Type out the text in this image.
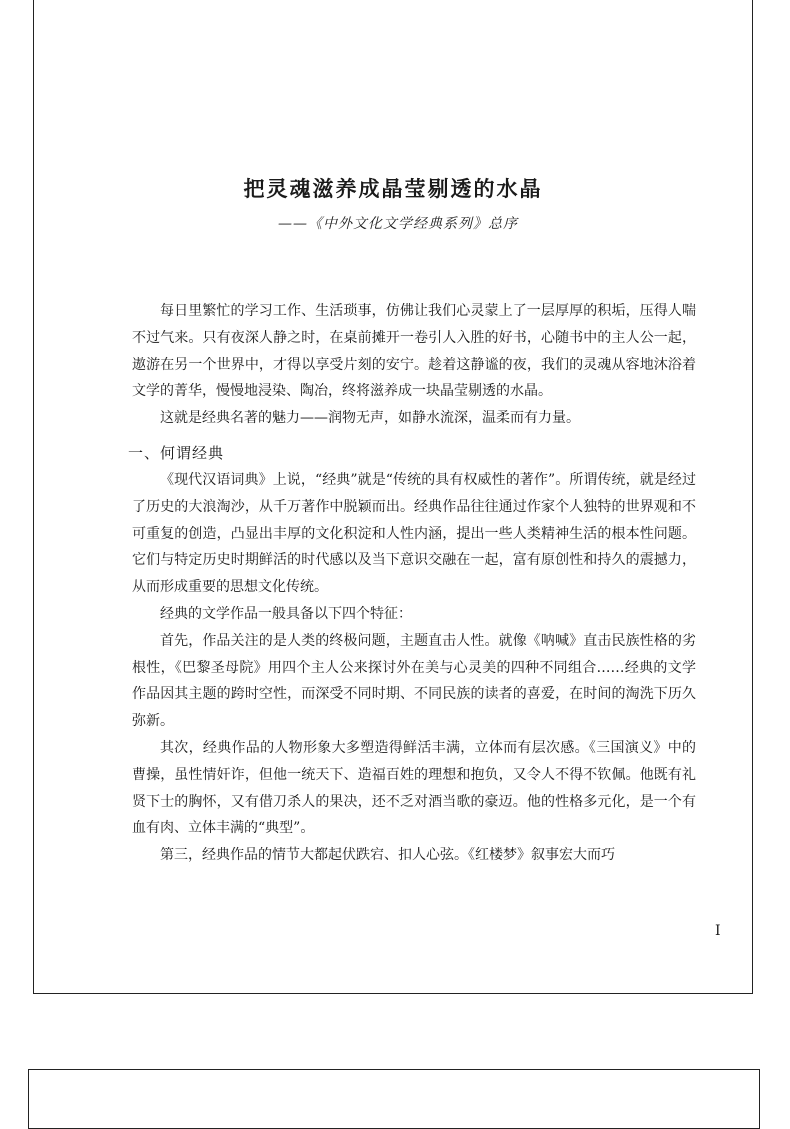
把灵魂滋养成晶莹剔透的水晶
——《中外文化文学经典系列》总序

每日里繁忙的学习工作、生活琐事，仿佛让我们心灵蒙上了一层厚厚的积垢，压得人喘不过气来。只有夜深人静之时，在桌前摊开一卷引人入胜的好书，心随书中的主人公一起，遨游在另一个世界中，才得以享受片刻的安宁。趁着这静谧的夜，我们的灵魂从容地沐浴着文学的菁华，慢慢地浸染、陶冶，终将滋养成一块晶莹剔透的水晶。

这就是经典名著的魅力——润物无声，如静水流深，温柔而有力量。

一、何谓经典

《现代汉语词典》上说，“经典”就是“传统的具有权威性的著作”。所谓传统，就是经过了历史的大浪淘沙，从千万著作中脱颖而出。经典作品往往通过作家个人独特的世界观和不可重复的创造，凸显出丰厚的文化积淀和人性内涵，提出一些人类精神生活的根本性问题。它们与特定历史时期鲜活的时代感以及当下意识交融在一起，富有原创性和持久的震撼力，从而形成重要的思想文化传统。

经典的文学作品一般具备以下四个特征：

首先，作品关注的是人类的终极问题，主题直击人性。就像《呐喊》直击民族性格的劣根性，《巴黎圣母院》用四个主人公来探讨外在美与心灵美的四种不同组合……经典的文学作品因其主题的跨时空性，而深受不同时期、不同民族的读者的喜爱，在时间的淘洗下历久弥新。

其次，经典作品的人物形象大多塑造得鲜活丰满，立体而有层次感。《三国演义》中的曹操，虽性情奸诈，但他一统天下、造福百姓的理想和抱负，又令人不得不钦佩。他既有礼贤下士的胸怀，又有借刀杀人的果决，还不乏对酒当歌的豪迈。他的性格多元化，是一个有血有肉、立体丰满的“典型”。

第三，经典作品的情节大都起伏跌宕、扣人心弦。《红楼梦》叙事宏大而巧

I
